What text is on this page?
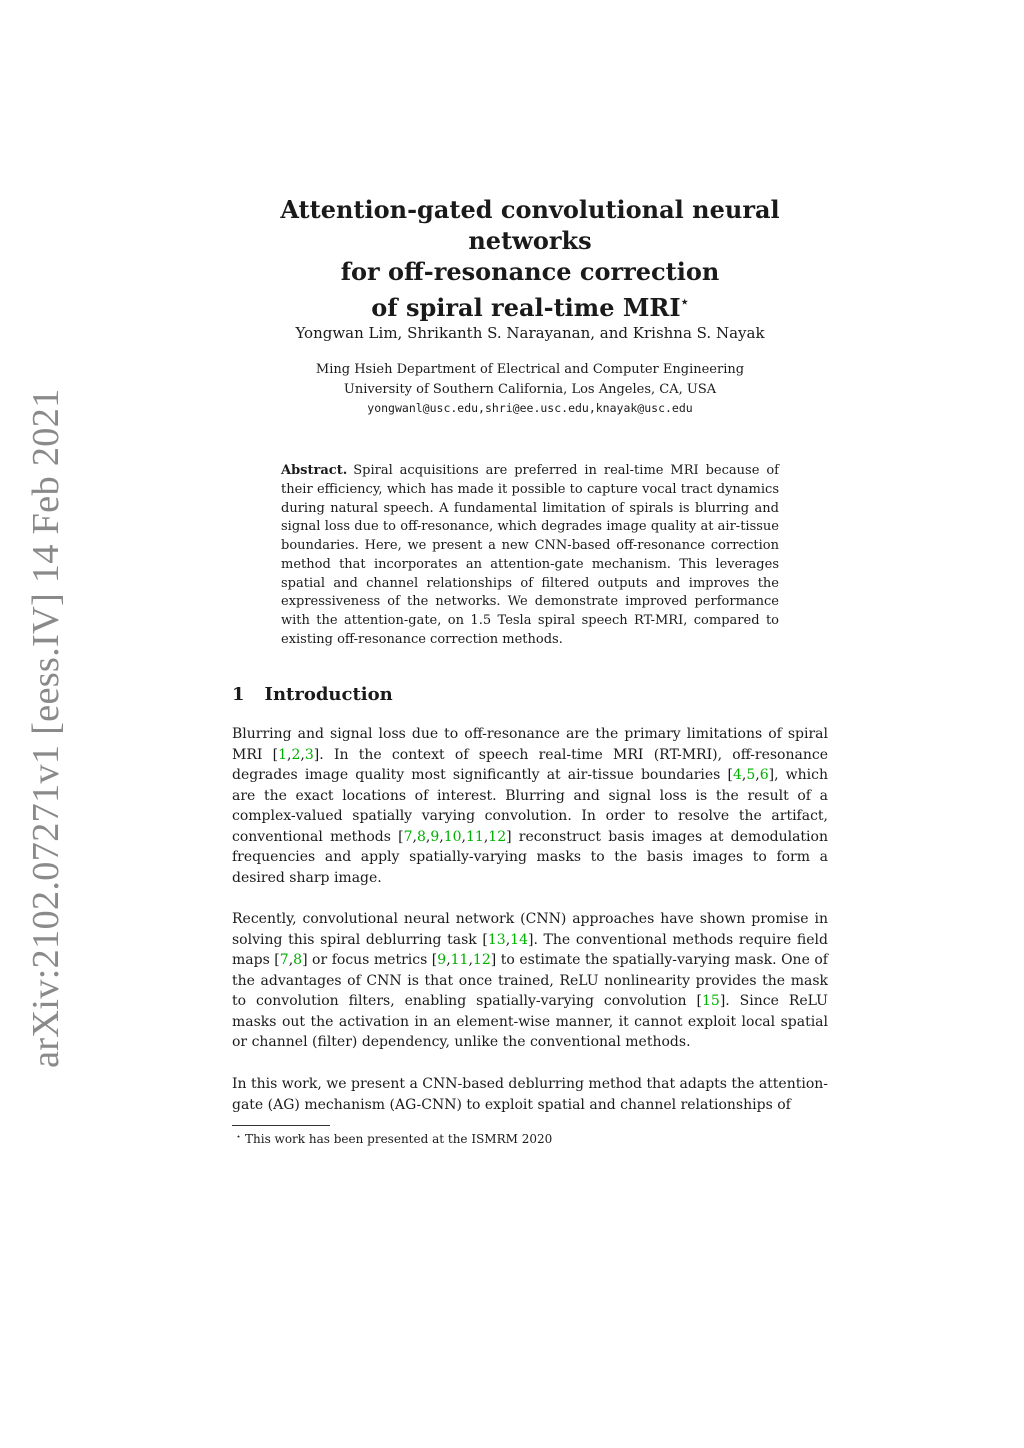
arXiv:2102.07271v1 [eess.IV] 14 Feb 2021
Attention-gated convolutional neural networks
for off-resonance correction
of spiral real-time MRI⋆
Yongwan Lim, Shrikanth S. Narayanan, and Krishna S. Nayak
Ming Hsieh Department of Electrical and Computer Engineering
University of Southern California, Los Angeles, CA, USA
yongwanl@usc.edu,shri@ee.usc.edu,knayak@usc.edu

Abstract. Spiral acquisitions are preferred in real-time MRI because of their efficiency, which has made it possible to capture vocal tract dynamics during natural speech. A fundamental limitation of spirals is blurring and signal loss due to off-resonance, which degrades image quality at air-tissue boundaries. Here, we present a new CNN-based off-resonance correction method that incorporates an attention-gate mechanism. This leverages spatial and channel relationships of filtered outputs and improves the expressiveness of the networks. We demonstrate improved performance with the attention-gate, on 1.5 Tesla spiral speech RT-MRI, compared to existing off-resonance correction methods.

1 Introduction

Blurring and signal loss due to off-resonance are the primary limitations of spiral MRI [1,2,3]. In the context of speech real-time MRI (RT-MRI), off-resonance degrades image quality most significantly at air-tissue boundaries [4,5,6], which are the exact locations of interest. Blurring and signal loss is the result of a complex-valued spatially varying convolution. In order to resolve the artifact, conventional methods [7,8,9,10,11,12] reconstruct basis images at demodulation frequencies and apply spatially-varying masks to the basis images to form a desired sharp image.

Recently, convolutional neural network (CNN) approaches have shown promise in solving this spiral deblurring task [13,14]. The conventional methods require field maps [7,8] or focus metrics [9,11,12] to estimate the spatially-varying mask. One of the advantages of CNN is that once trained, ReLU nonlinearity provides the mask to convolution filters, enabling spatially-varying convolution [15]. Since ReLU masks out the activation in an element-wise manner, it cannot exploit local spatial or channel (filter) dependency, unlike the conventional methods.

In this work, we present a CNN-based deblurring method that adapts the attention-gate (AG) mechanism (AG-CNN) to exploit spatial and channel relationships of

⋆ This work has been presented at the ISMRM 2020
